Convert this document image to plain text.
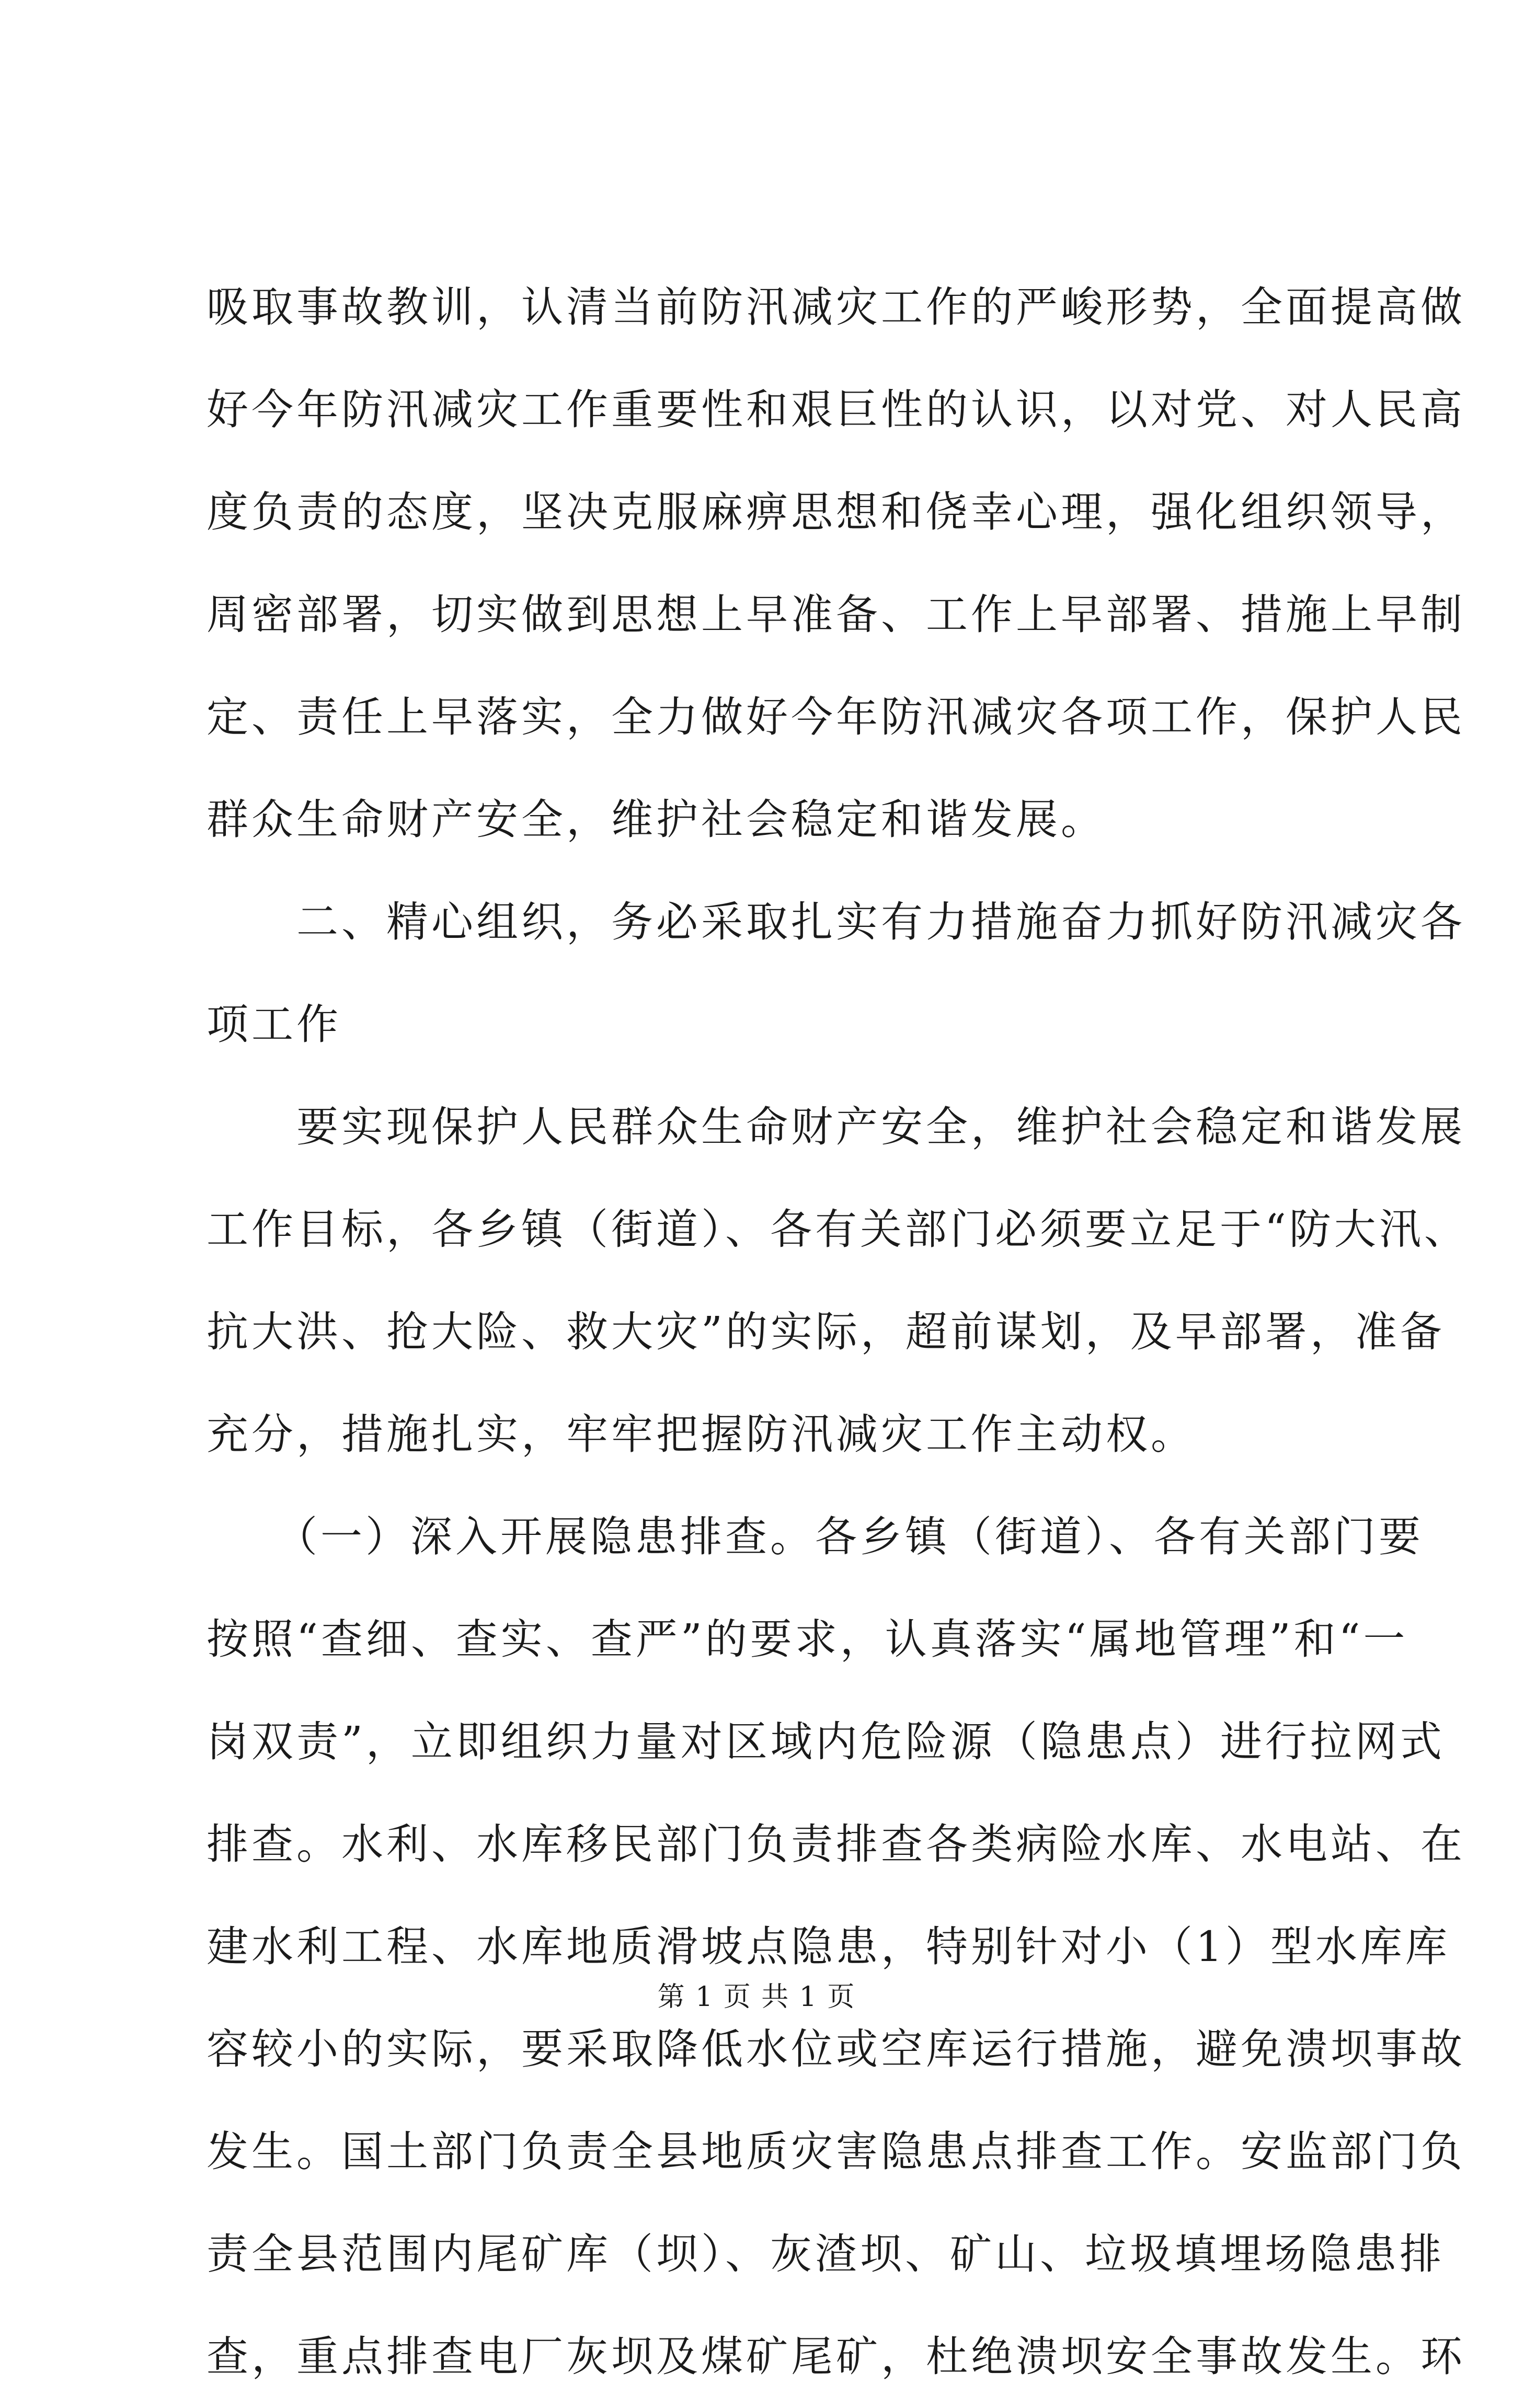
吸取事故教训，认清当前防汛减灾工作的严峻形势，全面提高做
好今年防汛减灾工作重要性和艰巨性的认识，以对党、对人民高
度负责的态度，坚决克服麻痹思想和侥幸心理，强化组织领导，
周密部署，切实做到思想上早准备、工作上早部署、措施上早制
定、责任上早落实，全力做好今年防汛减灾各项工作，保护人民
群众生命财产安全，维护社会稳定和谐发展。
　　二、精心组织，务必采取扎实有力措施奋力抓好防汛减灾各
项工作
　　要实现保护人民群众生命财产安全，维护社会稳定和谐发展
工作目标，各乡镇（街道）、各有关部门必须要立足于“防大汛、
抗大洪、抢大险、救大灾”的实际，超前谋划，及早部署，准备
充分，措施扎实，牢牢把握防汛减灾工作主动权。
　　（一）深入开展隐患排查。各乡镇（街道）、各有关部门要
按照“查细、查实、查严”的要求，认真落实“属地管理”和“一
岗双责”，立即组织力量对区域内危险源（隐患点）进行拉网式
排查。水利、水库移民部门负责排查各类病险水库、水电站、在
建水利工程、水库地质滑坡点隐患，特别针对小（1）型水库库
容较小的实际，要采取降低水位或空库运行措施，避免溃坝事故
发生。国土部门负责全县地质灾害隐患点排查工作。安监部门负
责全县范围内尾矿库（坝）、灰渣坝、矿山、垃圾填埋场隐患排
查，重点排查电厂灰坝及煤矿尾矿，杜绝溃坝安全事故发生。环
第 1 页 共 1 页
